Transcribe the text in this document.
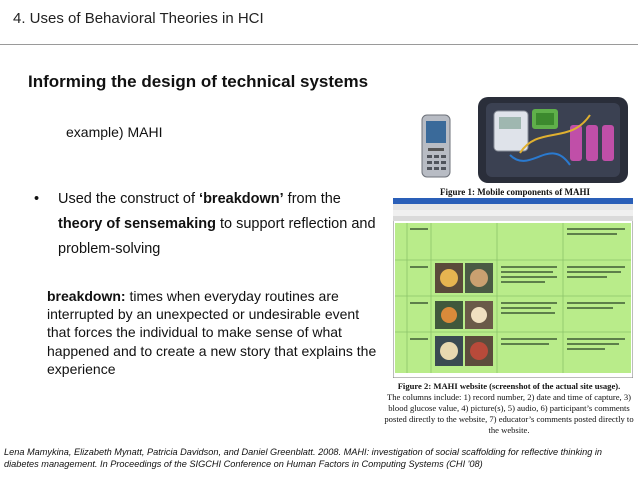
4. Uses of Behavioral Theories in HCI
Informing the design of technical systems
example) MAHI
• Used the construct of ‘breakdown’ from the theory of sensemaking to support reflection and problem-solving
breakdown: times when everyday routines are interrupted by an unexpected or undesirable event that forces the individual to make sense of what happened and to create a new story that explains the experience
Figure 1: Mobile components of MAHI
Figure 2: MAHI website (screenshot of the actual site usage).
The columns include: 1) record number, 2) date and time of capture, 3) blood glucose value, 4) picture(s), 5) audio, 6) participant’s comments posted directly to the website, 7) educator’s comments posted directly to the website.
Lena Mamykina, Elizabeth Mynatt, Patricia Davidson, and Daniel Greenblatt. 2008. MAHI: investigation of social scaffolding for reflective thinking in diabetes management. In Proceedings of the SIGCHI Conference on Human Factors in Computing Systems (CHI '08)
